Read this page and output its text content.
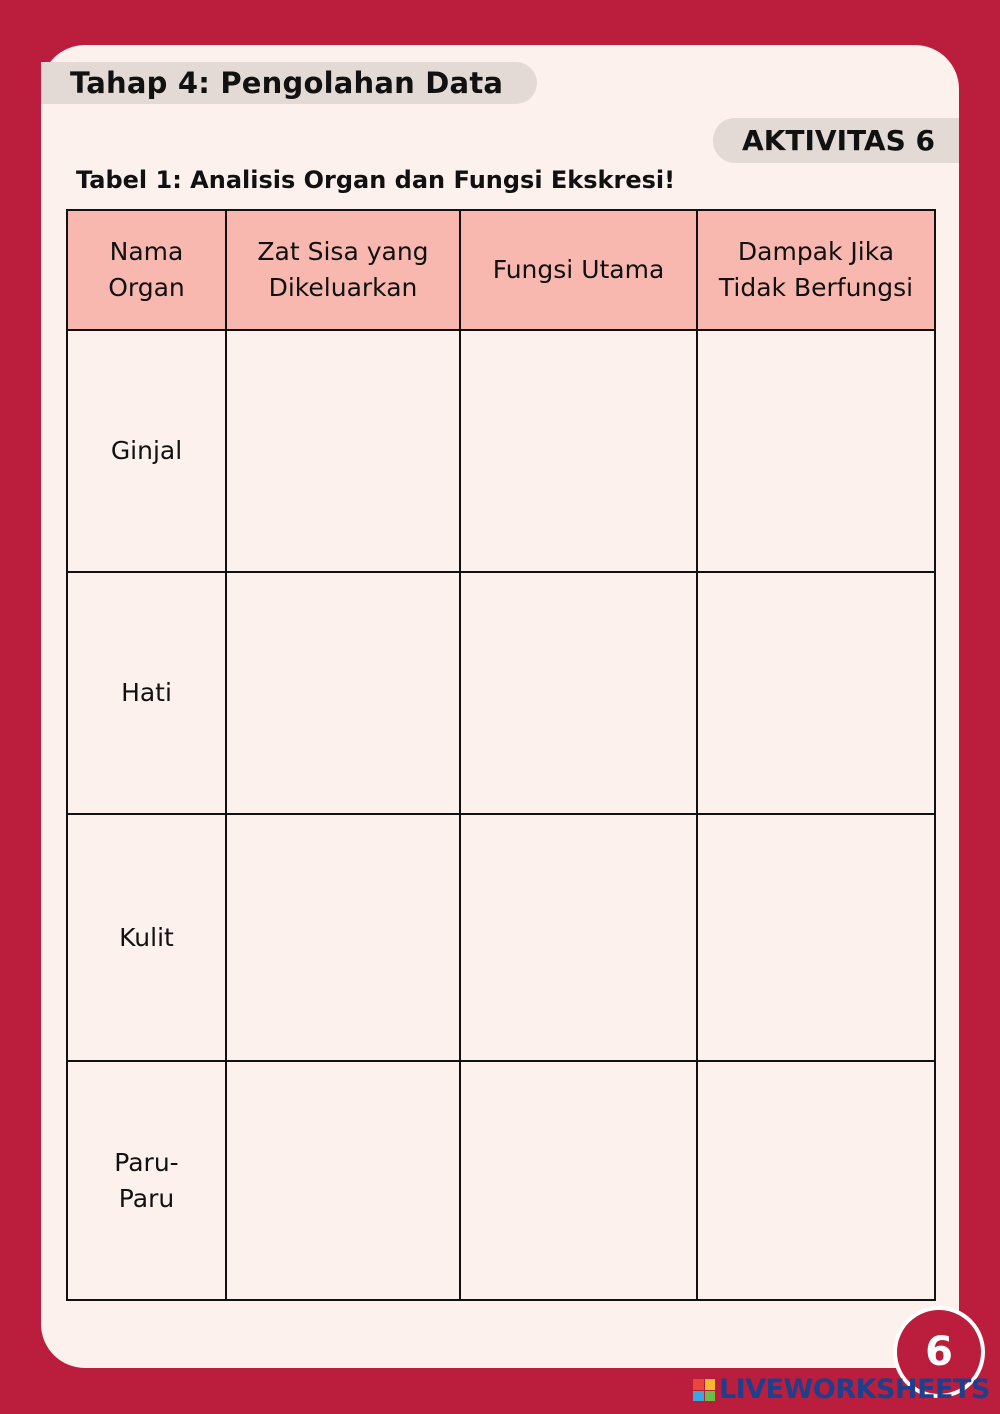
Tahap 4: Pengolahan Data
AKTIVITAS 6
Tabel 1: Analisis Organ dan Fungsi Ekskresi!
Nama Organ	Zat Sisa yang Dikeluarkan	Fungsi Utama	Dampak Jika Tidak Berfungsi

Ginjal			

Hati			

Kulit			

Paru-Paru			

6
LIVEWORKSHEETS
